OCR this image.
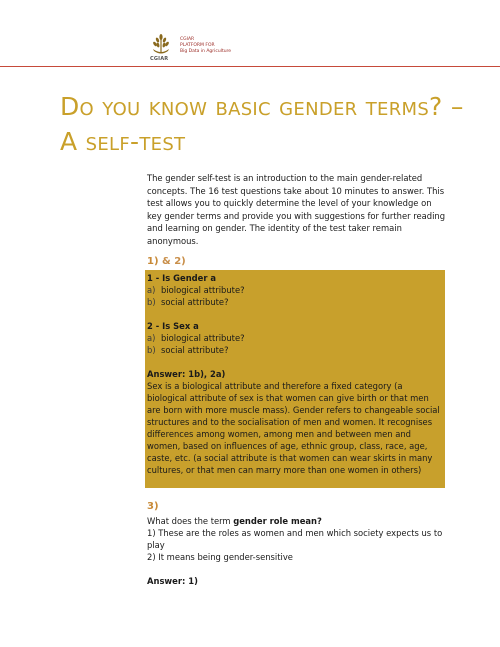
CGIAR
CGIAR
PLATFORM FOR
Big Data in Agriculture
Do you know basic gender terms? – A self-test

The gender self-test is an introduction to the main gender-related concepts. The 16 test questions take about 10 minutes to answer. This test allows you to quickly determine the level of your knowledge on key gender terms and provide you with suggestions for further reading and learning on gender. The identity of the test taker remain anonymous.

1) & 2)
1 - Is Gender a
a) biological attribute?
b) social attribute?
2 - Is Sex a
a) biological attribute?
b) social attribute?
Answer: 1b), 2a)
Sex is a biological attribute and therefore a fixed category (a biological attribute of sex is that women can give birth or that men are born with more muscle mass). Gender refers to changeable social structures and to the socialisation of men and women. It recognises differences among women, among men and between men and women, based on influences of age, ethnic group, class, race, age, caste, etc. (a social attribute is that women can wear skirts in many cultures, or that men can marry more than one women in others)
3)
What does the term gender role mean?
1) These are the roles as women and men which society expects us to play
2) It means being gender-sensitive
Answer: 1)
